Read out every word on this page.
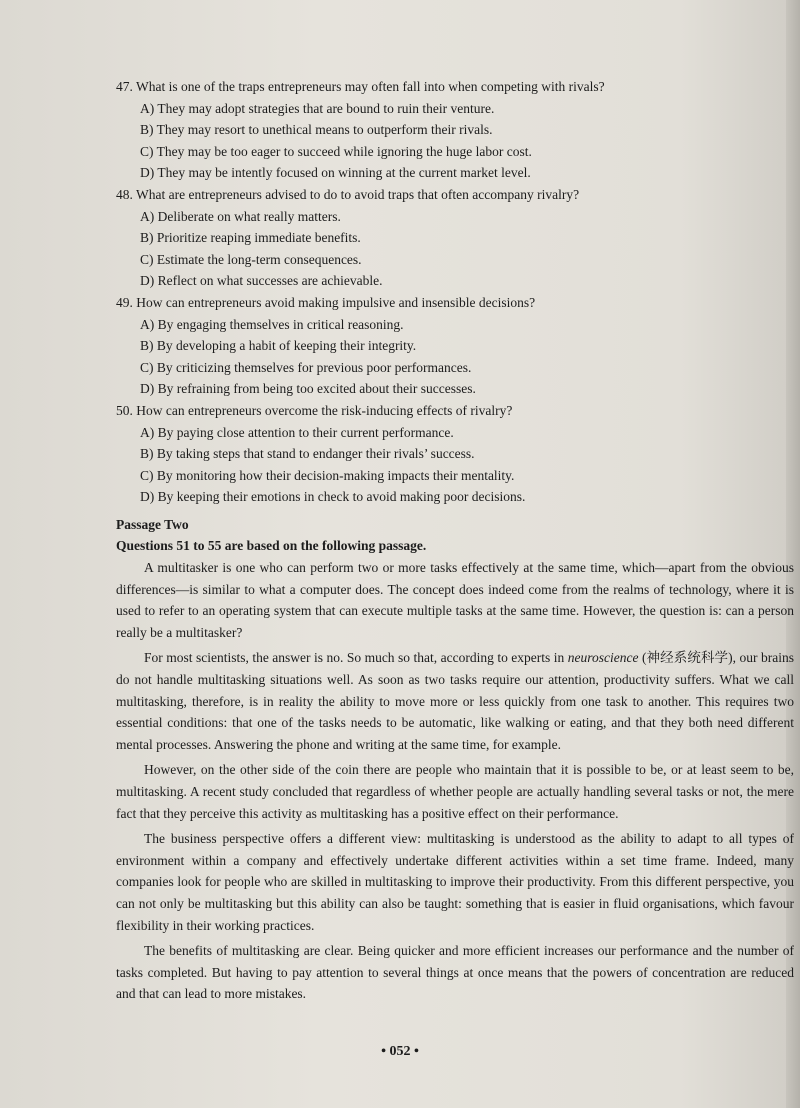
47. What is one of the traps entrepreneurs may often fall into when competing with rivals?

A) They may adopt strategies that are bound to ruin their venture.

B) They may resort to unethical means to outperform their rivals.

C) They may be too eager to succeed while ignoring the huge labor cost.

D) They may be intently focused on winning at the current market level.

48. What are entrepreneurs advised to do to avoid traps that often accompany rivalry?

A) Deliberate on what really matters.

B) Prioritize reaping immediate benefits.

C) Estimate the long-term consequences.

D) Reflect on what successes are achievable.

49. How can entrepreneurs avoid making impulsive and insensible decisions?

A) By engaging themselves in critical reasoning.

B) By developing a habit of keeping their integrity.

C) By criticizing themselves for previous poor performances.

D) By refraining from being too excited about their successes.

50. How can entrepreneurs overcome the risk-inducing effects of rivalry?

A) By paying close attention to their current performance.

B) By taking steps that stand to endanger their rivals’ success.

C) By monitoring how their decision-making impacts their mentality.

D) By keeping their emotions in check to avoid making poor decisions.

Passage Two

Questions 51 to 55 are based on the following passage.

A multitasker is one who can perform two or more tasks effectively at the same time, which—apart from the obvious differences—is similar to what a computer does. The concept does indeed come from the realms of technology, where it is used to refer to an operating system that can execute multiple tasks at the same time. However, the question is: can a person really be a multitasker?

For most scientists, the answer is no. So much so that, according to experts in neuroscience (神经系统科学), our brains do not handle multitasking situations well. As soon as two tasks require our attention, productivity suffers. What we call multitasking, therefore, is in reality the ability to move more or less quickly from one task to another. This requires two essential conditions: that one of the tasks needs to be automatic, like walking or eating, and that they both need different mental processes. Answering the phone and writing at the same time, for example.

However, on the other side of the coin there are people who maintain that it is possible to be, or at least seem to be, multitasking. A recent study concluded that regardless of whether people are actually handling several tasks or not, the mere fact that they perceive this activity as multitasking has a positive effect on their performance.

The business perspective offers a different view: multitasking is understood as the ability to adapt to all types of environment within a company and effectively undertake different activities within a set time frame. Indeed, many companies look for people who are skilled in multitasking to improve their productivity. From this different perspective, you can not only be multitasking but this ability can also be taught: something that is easier in fluid organisations, which favour flexibility in their working practices.

The benefits of multitasking are clear. Being quicker and more efficient increases our performance and the number of tasks completed. But having to pay attention to several things at once means that the powers of concentration are reduced and that can lead to more mistakes.

• 052 •
